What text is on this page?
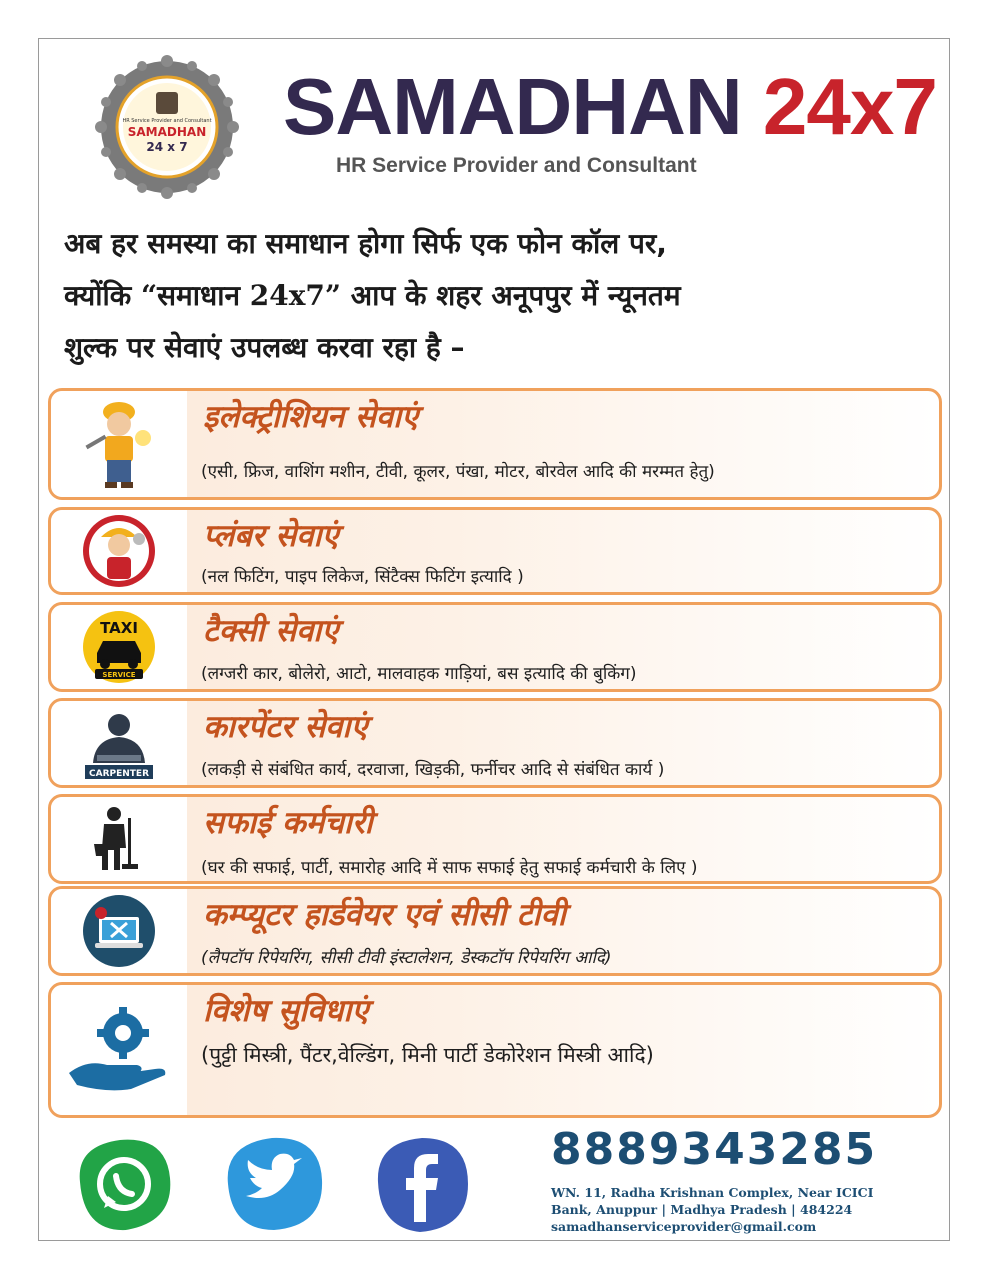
HR Service Provider and Consultant
SAMADHAN
24 x 7 SAMADHAN 24x7
HR Service Provider and Consultant
अब हर समस्या का समाधान होगा सिर्फ एक फोन कॉल पर,
क्योंकि “समाधान 24x7” आप के शहर अनूपपुर में न्यूनतम
शुल्क पर सेवाएं उपलब्ध करवा रहा है –
इलेक्ट्रीशियन सेवाएं
(एसी, फ्रिज, वाशिंग मशीन, टीवी, कूलर, पंखा, मोटर, बोरवेल आदि की मरम्मत हेतु)
प्लंबर सेवाएं
(नल फिटिंग, पाइप लिकेज, सिंटैक्स फिटिंग इत्यादि )
TAXI
SERVICE
टैक्सी सेवाएं
(लग्जरी कार, बोलेरो, आटो, मालवाहक गाड़ियां, बस इत्यादि की बुकिंग)
CARPENTER
कारपेंटर सेवाएं
(लकड़ी से संबंधित कार्य, दरवाजा, खिड़की, फर्नीचर आदि से संबंधित कार्य )
सफाई कर्मचारी
(घर की सफाई, पार्टी, समारोह आदि में साफ सफाई हेतु सफाई कर्मचारी के लिए )
कम्प्यूटर हार्डवेयर एवं सीसी टीवी
(लैपटॉप रिपेयरिंग, सीसी टीवी इंस्टालेशन, डेस्कटॉप रिपेयरिंग आदि)
विशेष सुविधाएं
(पुट्टी मिस्त्री, पैंटर,वेल्डिंग, मिनी पार्टी डेकोरेशन मिस्त्री आदि)
8889343285
WN. 11, Radha Krishnan Complex, Near ICICI
Bank, Anuppur | Madhya Pradesh | 484224
samadhanserviceprovider@gmail.com
